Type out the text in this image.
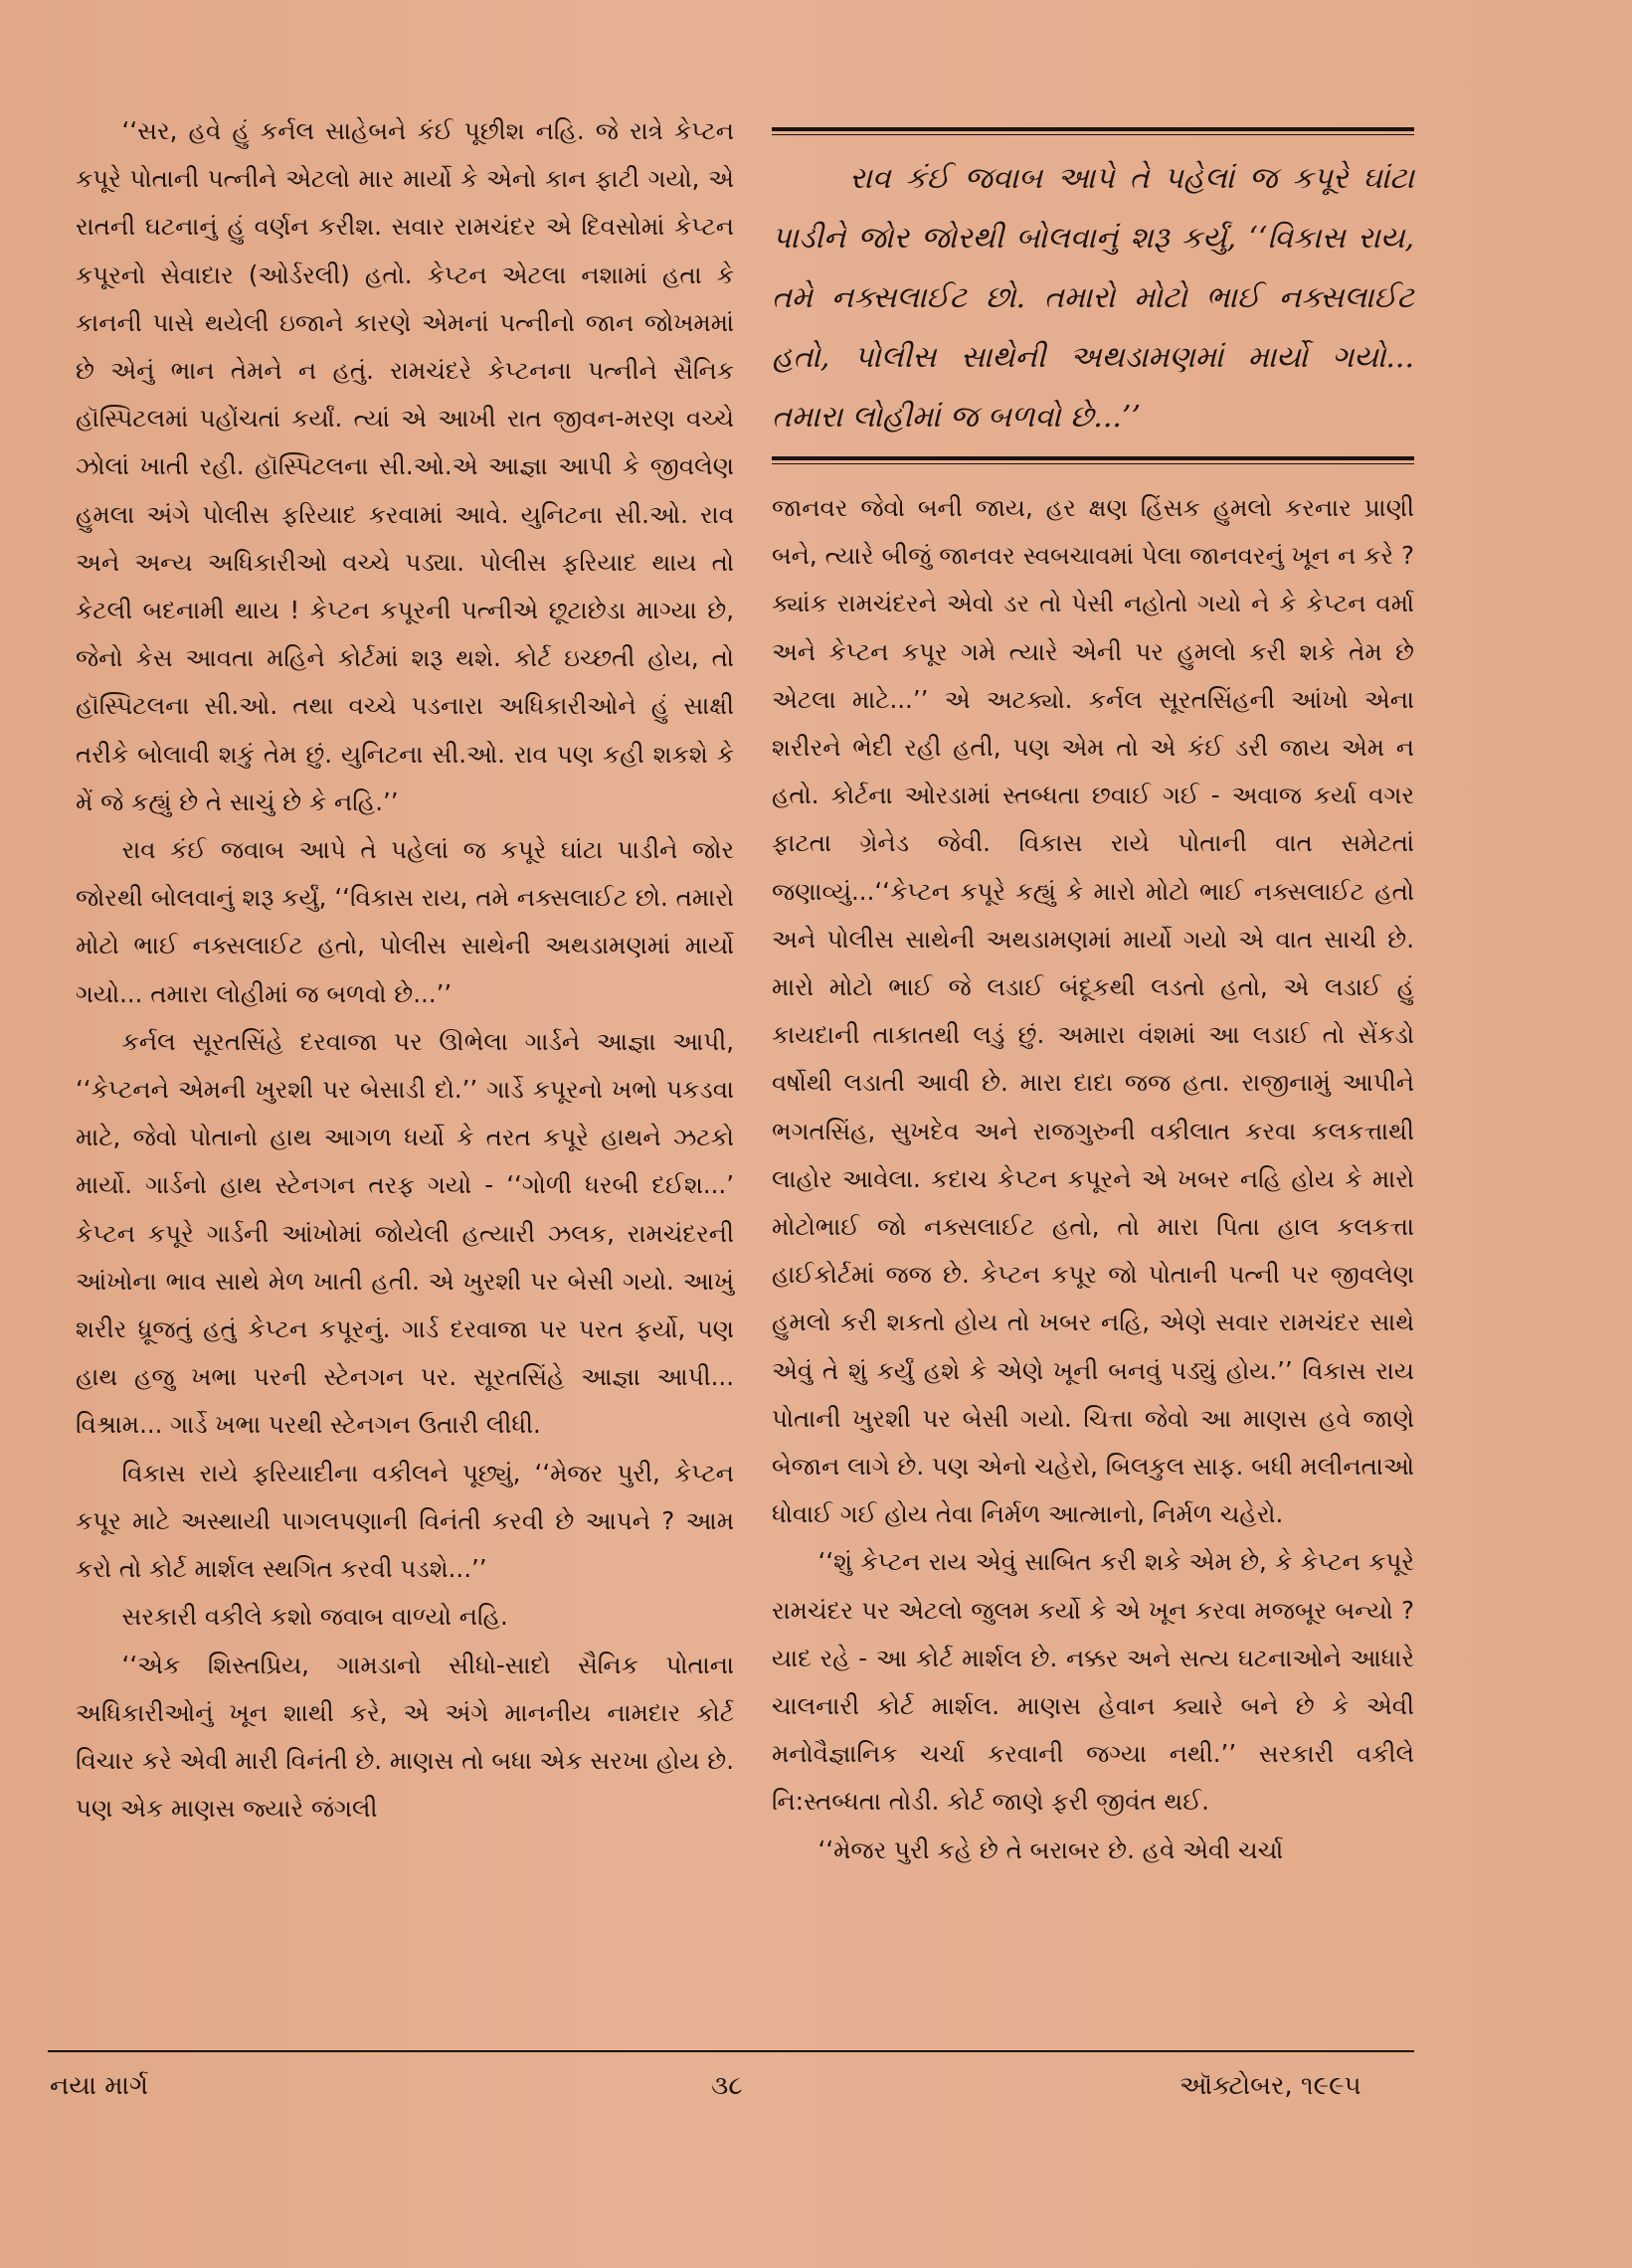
‘‘સર, હવે હું કર્નલ સાહેબને કંઈ પૂછીશ નહિ. જે રાત્રે કેપ્ટન કપૂરે પોતાની પત્નીને એટલો માર માર્યો કે એનો કાન ફાટી ગયો, એ રાતની ઘટનાનું હું વર્ણન કરીશ. સવાર રામચંદર એ દિવસોમાં કેપ્ટન કપૂરનો સેવાદાર (ઓર્ડરલી) હતો. કેપ્ટન એટલા નશામાં હતા કે કાનની પાસે થયેલી ઇજાને કારણે એમનાં પત્નીનો જાન જોખમમાં છે એનું ભાન તેમને ન હતું. રામચંદરે કેપ્ટનના પત્નીને સૈનિક હૉસ્પિટલમાં પહોંચતાં કર્યાં. ત્યાં એ આખી રાત જીવન-મરણ વચ્ચે ઝોલાં ખાતી રહી. હૉસ્પિટલના સી.ઓ.એ આજ્ઞા આપી કે જીવલેણ હુમલા અંગે પોલીસ ફરિયાદ કરવામાં આવે. યુનિટના સી.ઓ. રાવ અને અન્ય અધિકારીઓ વચ્ચે પડ્યા. પોલીસ ફરિયાદ થાય તો કેટલી બદનામી થાય ! કેપ્ટન કપૂરની પત્નીએ છૂટાછેડા માગ્યા છે, જેનો કેસ આવતા મહિને કોર્ટમાં શરૂ થશે. કોર્ટ ઇચ્છતી હોય, તો હૉસ્પિટલના સી.ઓ. તથા વચ્ચે પડનારા અધિકારીઓને હું સાક્ષી તરીકે બોલાવી શકું તેમ છું. યુનિટના સી.ઓ. રાવ પણ કહી શકશે કે મેં જે કહ્યું છે તે સાચું છે કે નહિ.’’

રાવ કંઈ જવાબ આપે તે પહેલાં જ કપૂરે ઘાંટા પાડીને જોર જોરથી બોલવાનું શરૂ કર્યું, ‘‘વિકાસ રાય, તમે નક્સલાઈટ છો. તમારો મોટો ભાઈ નક્સલાઈટ હતો, પોલીસ સાથેની અથડામણમાં માર્યો ગયો... તમારા લોહીમાં જ બળવો છે...’’

કર્નલ સૂરતસિંહે દરવાજા પર ઊભેલા ગાર્ડને આજ્ઞા આપી, ‘‘કેપ્ટનને એમની ખુરશી પર બેસાડી દો.’’ ગાર્ડે કપૂરનો ખભો પકડવા માટે, જેવો પોતાનો હાથ આગળ ધર્યો કે તરત કપૂરે હાથને ઝટકો માર્યો. ગાર્ડનો હાથ સ્ટેનગન તરફ ગયો - ‘‘ગોળી ધરબી દઈશ...’ કેપ્ટન કપૂરે ગાર્ડની આંખોમાં જોયેલી હત્યારી ઝલક, રામચંદરની આંખોના ભાવ સાથે મેળ ખાતી હતી. એ ખુરશી પર બેસી ગયો. આખું શરીર ધ્રૂજતું હતું કેપ્ટન કપૂરનું. ગાર્ડ દરવાજા પર પરત ફર્યો, પણ હાથ હજુ ખભા પરની સ્ટેનગન પર. સૂરતસિંહે આજ્ઞા આપી... વિશ્રામ... ગાર્ડે ખભા પરથી સ્ટેનગન ઉતારી લીધી.

વિકાસ રાયે ફરિયાદીના વકીલને પૂછ્યું, ‘‘મેજર પુરી, કેપ્ટન કપૂર માટે અસ્થાયી પાગલપણાની વિનંતી કરવી છે આપને ? આમ કરો તો કોર્ટ માર્શલ સ્થગિત કરવી પડશે...’’

સરકારી વકીલે કશો જવાબ વાળ્યો નહિ.

‘‘એક શિસ્તપ્રિય, ગામડાનો સીધો-સાદો સૈનિક પોતાના અધિકારીઓનું ખૂન શાથી કરે, એ અંગે માનનીય નામદાર કોર્ટ વિચાર કરે એવી મારી વિનંતી છે. માણસ તો બધા એક સરખા હોય છે. પણ એક માણસ જ્યારે જંગલી

રાવ કંઈ જવાબ આપે તે પહેલાં જ કપૂરે ઘાંટા પાડીને જોર જોરથી બોલવાનું શરૂ કર્યું, ‘‘વિકાસ રાય, તમે નક્સલાઈટ છો. તમારો મોટો ભાઈ નક્સલાઈટ હતો, પોલીસ સાથેની અથડામણમાં માર્યો ગયો... તમારા લોહીમાં જ બળવો છે...’’

જાનવર જેવો બની જાય, હર ક્ષણ હિંસક હુમલો કરનાર પ્રાણી બને, ત્યારે બીજું જાનવર સ્વબચાવમાં પેલા જાનવરનું ખૂન ન કરે ? ક્યાંક રામચંદરને એવો ડર તો પેસી નહોતો ગયો ને કે કેપ્ટન વર્મા અને કેપ્ટન કપૂર ગમે ત્યારે એની પર હુમલો કરી શકે તેમ છે એટલા માટે...’’ એ અટક્યો. કર્નલ સૂરતસિંહની આંખો એના શરીરને ભેદી રહી હતી, પણ એમ તો એ કંઈ ડરી જાય એમ ન હતો. કોર્ટના ઓરડામાં સ્તબ્ધતા છવાઈ ગઈ - અવાજ કર્યા વગર ફાટતા ગ્રેનેડ જેવી. વિકાસ રાયે પોતાની વાત સમેટતાં જણાવ્યું...‘‘કેપ્ટન કપૂરે કહ્યું કે મારો મોટો ભાઈ નક્સલાઈટ હતો અને પોલીસ સાથેની અથડામણમાં માર્યો ગયો એ વાત સાચી છે. મારો મોટો ભાઈ જે લડાઈ બંદૂકથી લડતો હતો, એ લડાઈ હું કાયદાની તાકાતથી લડું છું. અમારા વંશમાં આ લડાઈ તો સેંકડો વર્ષોથી લડાતી આવી છે. મારા દાદા જજ હતા. રાજીનામું આપીને ભગતસિંહ, સુખદેવ અને રાજગુરુની વકીલાત કરવા કલકત્તાથી લાહોર આવેલા. કદાચ કેપ્ટન કપૂરને એ ખબર નહિ હોય કે મારો મોટોભાઈ જો નક્સલાઈટ હતો, તો મારા પિતા હાલ કલકત્તા હાઈકોર્ટમાં જજ છે. કેપ્ટન કપૂર જો પોતાની પત્ની પર જીવલેણ હુમલો કરી શકતો હોય તો ખબર નહિ, એણે સવાર રામચંદર સાથે એવું તે શું કર્યું હશે કે એણે ખૂની બનવું પડ્યું હોય.’’ વિકાસ રાય પોતાની ખુરશી પર બેસી ગયો. ચિત્તા જેવો આ માણસ હવે જાણે બેજાન લાગે છે. પણ એનો ચહેરો, બિલકુલ સાફ. બધી મલીનતાઓ ધોવાઈ ગઈ હોય તેવા નિર્મળ આત્માનો, નિર્મળ ચહેરો.

‘‘શું કેપ્ટન રાય એવું સાબિત કરી શકે એમ છે, કે કેપ્ટન કપૂરે રામચંદર પર એટલો જુલમ કર્યો કે એ ખૂન કરવા મજબૂર બન્યો ? યાદ રહે - આ કોર્ટ માર્શલ છે. નક્કર અને સત્ય ઘટનાઓને આધારે ચાલનારી કોર્ટ માર્શલ. માણસ હેવાન ક્યારે બને છે કે એવી મનોવૈજ્ઞાનિક ચર્ચા કરવાની જગ્યા નથી.’’ સરકારી વકીલે નિ:સ્તબ્ધતા તોડી. કોર્ટ જાણે ફરી જીવંત થઈ.

‘‘મેજર પુરી કહે છે તે બરાબર છે. હવે એવી ચર્ચા

નયા માર્ગ	૩૮	ઑક્ટોબર, ૧૯૯૫
